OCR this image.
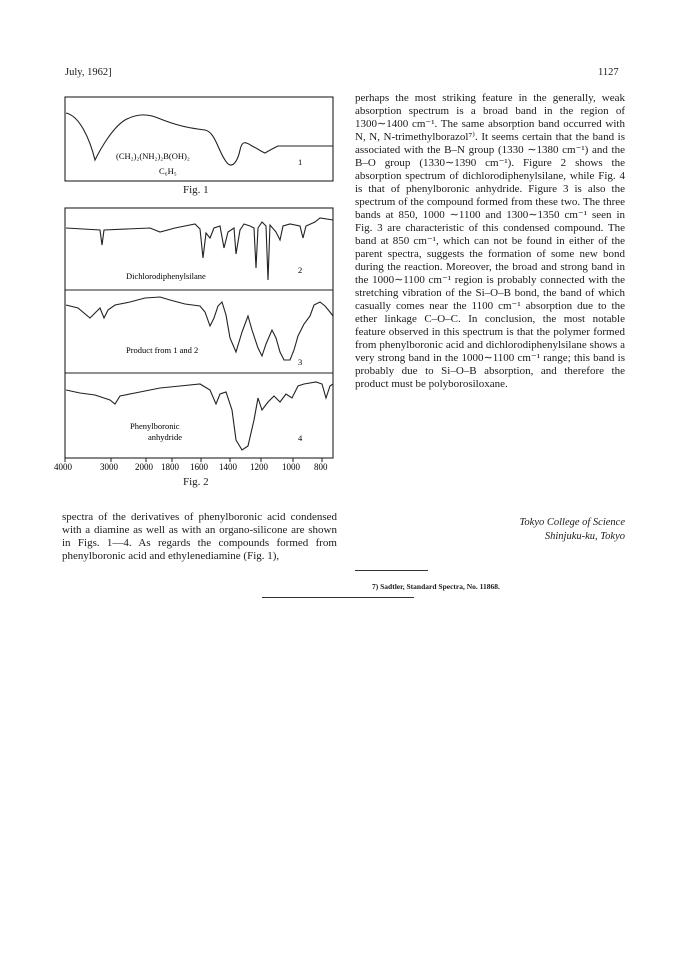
July, 1962]	1127
(CH₂)₂(NH₂)₂B(OH)₂
C₆H₅
1
Dichlorodiphenylsilane
2
Product from 1 and 2
3
Phenylboronic
anhydride	4
4000	3000 2000 1800 1600 1400 1200 1000 800
Fig. 1
Fig. 2

perhaps the most striking feature in the generally, weak absorption spectrum is a broad band in the region of 1300∼1400 cm⁻¹. The same absorption band occurred with N, N, N-trimethylborazol⁷⁾. It seems certain that the band is associated with the B–N group (1330 ∼1380 cm⁻¹) and the B–O group (1330∼1390 cm⁻¹). Figure 2 shows the absorption spectrum of dichlorodiphenylsilane, while Fig. 4 is that of phenylboronic anhydride. Figure 3 is also the spectrum of the compound formed from these two. The three bands at 850, 1000 ∼1100 and 1300∼1350 cm⁻¹ seen in Fig. 3 are characteristic of this condensed compound. The band at 850 cm⁻¹, which can not be found in either of the parent spectra, suggests the formation of some new bond during the reaction. Moreover, the broad and strong band in the 1000∼1100 cm⁻¹ region is probably connected with the stretching vibration of the Si–O–B bond, the band of which casually comes near the 1100 cm⁻¹ absorption due to the ether linkage C–O–C. In conclusion, the most notable feature observed in this spectrum is that the polymer formed from phenylboronic acid and dichlorodiphenylsilane shows a very strong band in the 1000∼1100 cm⁻¹ range; this band is probably due to Si–O–B absorption, and therefore the product must be polyborosiloxane.

spectra of the derivatives of phenylboronic acid condensed with a diamine as well as with an organo-silicone are shown in Figs. 1—4. As regards the compounds formed from phenylboronic acid and ethylenediamine (Fig. 1),

Tokyo College of Science
Shinjuku-ku, Tokyo
7) Sadtler, Standard Spectra, No. 11868.
